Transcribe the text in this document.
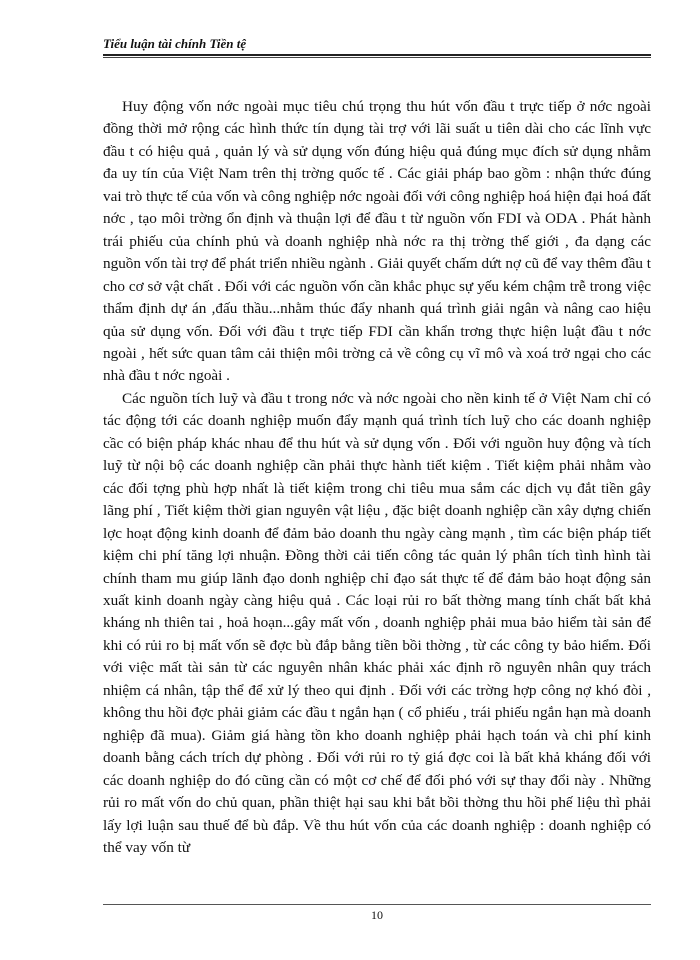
Tiểu luận tài chính Tiền tệ

Huy động vốn nớc ngoài mục tiêu chú trọng thu hút vốn đầu t trực tiếp ở nớc ngoài đồng thời mở rộng các hình thức tín dụng tài trợ với lãi suất u tiên dài cho các lĩnh vực đầu t có hiệu quả , quản lý và sử dụng vốn đúng hiệu quả đúng mục đích sử dụng nhằm đa uy tín của Việt Nam trên thị trờng quốc tế . Các giải pháp bao gồm : nhận thức đúng vai trò thực tế của vốn và công nghiệp nớc ngoài đối với công nghiệp hoá hiện đại hoá đất nớc , tạo môi trờng ổn định và thuận lợi để đầu t từ nguồn vốn FDI và ODA . Phát hành trái phiếu của chính phủ và doanh nghiệp nhà nớc ra thị trờng thế giới , đa dạng các nguồn vốn tài trợ để phát triển nhiều ngành . Giải quyết chấm dứt nợ cũ để vay thêm đầu t cho cơ sở vật chất . Đối với các nguồn vốn cần khắc phục sự yếu kém chậm trễ trong việc thẩm định dự án ,đấu thầu...nhằm thúc đẩy nhanh quá trình giải ngân và nâng cao hiệu qủa sử dụng vốn. Đối với đầu t trực tiếp FDI cần khẩn trơng thực hiện luật đầu t nớc ngoài , hết sức quan tâm cải thiện môi trờng cả về công cụ vĩ mô và xoá trở ngại cho các nhà đầu t nớc ngoài .

Các nguồn tích luỹ và đầu t trong nớc và nớc ngoài cho nền kinh tế ở Việt Nam chỉ có tác động tới các doanh nghiệp muốn đẩy mạnh quá trình tích luỹ cho các doanh nghiệp cầc có biện pháp khác nhau để thu hút và sử dụng vốn . Đối với nguồn huy động và tích luỹ từ nội bộ các doanh nghiệp cần phải thực hành tiết kiệm . Tiết kiệm phải nhằm vào các đối tợng phù hợp nhất là tiết kiệm trong chi tiêu mua sắm các dịch vụ đắt tiền gây lãng phí , Tiết kiệm thời gian nguyên vật liệu , đặc biệt doanh nghiệp cần xây dựng chiến lợc hoạt động kinh doanh để đảm bảo doanh thu ngày càng mạnh , tìm các biện pháp tiết kiệm chi phí tăng lợi nhuận. Đồng thời cải tiến công tác quản lý phân tích tình hình tài chính tham mu giúp lãnh đạo donh nghiệp chỉ đạo sát thực tế để đảm bảo hoạt động sản xuất kinh doanh ngày càng hiệu quả . Các loại rủi ro bất thờng mang tính chất bất khả kháng nh thiên tai , hoả hoạn...gây mất vốn , doanh nghiệp phải mua bảo hiểm tài sản để khi có rủi ro bị mất vốn sẽ đợc bù đắp bằng tiền bồi thờng , từ các công ty bảo hiểm. Đối với việc mất tài sản từ các nguyên nhân khác phải xác định rõ nguyên nhân quy trách nhiệm cá nhân, tập thể để xử lý theo qui định . Đối với các trờng hợp công nợ khó đòi , không thu hồi đợc phải giảm các đầu t ngắn hạn ( cổ phiếu , trái phiếu ngắn hạn mà doanh nghiệp đã mua). Giảm giá hàng tồn kho doanh nghiệp phải hạch toán và chi phí kinh doanh bằng cách trích dự phòng . Đối với rủi ro tỷ giá đợc coi là bất khả kháng đối với các doanh nghiệp do đó cũng cần có một cơ chế để đối phó với sự thay đổi này . Những rủi ro mất vốn do chủ quan, phần thiệt hại sau khi bắt bồi thờng thu hồi phế liệu thì phải lấy lợi luận sau thuế để bù đắp. Về thu hút vốn của các doanh nghiệp : doanh nghiệp có thể vay vốn từ

10
